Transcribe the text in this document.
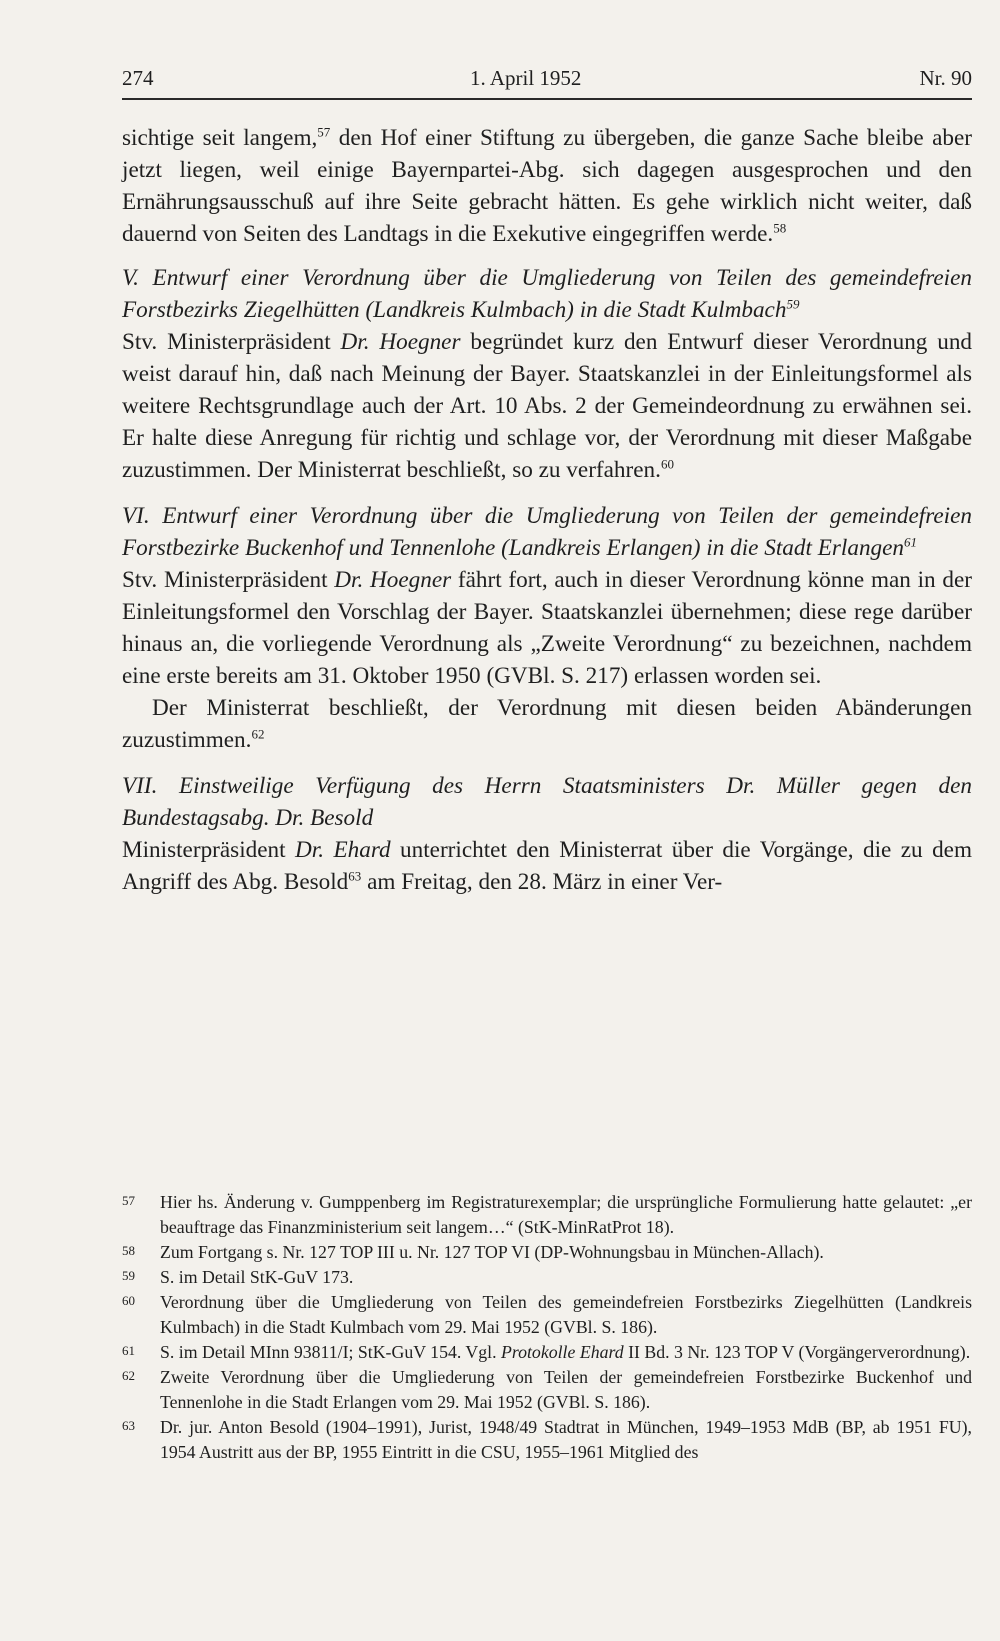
274	1. April 1952	Nr. 90

sichtige seit langem,$^{57}$ den Hof einer Stiftung zu übergeben, die ganze Sache bleibe aber jetzt liegen, weil einige Bayernpartei-Abg. sich dagegen ausgesprochen und den Ernährungsausschuß auf ihre Seite gebracht hätten. Es gehe wirklich nicht weiter, daß dauernd von Seiten des Landtags in die Exekutive eingegriffen werde.$^{58}$

V. Entwurf einer Verordnung über die Umgliederung von Teilen des gemeindefreien Forstbezirks Ziegelhütten (Landkreis Kulmbach) in die Stadt Kulmbach$^{59}$

Stv. Ministerpräsident Dr. Hoegner begründet kurz den Entwurf dieser Verordnung und weist darauf hin, daß nach Meinung der Bayer. Staatskanzlei in der Einleitungsformel als weitere Rechtsgrundlage auch der Art. 10 Abs. 2 der Gemeindeordnung zu erwähnen sei. Er halte diese Anregung für richtig und schlage vor, der Verordnung mit dieser Maßgabe zuzustimmen. Der Ministerrat beschließt, so zu verfahren.$^{60}$

VI. Entwurf einer Verordnung über die Umgliederung von Teilen der gemeindefreien Forstbezirke Buckenhof und Tennenlohe (Landkreis Erlangen) in die Stadt Erlangen$^{61}$

Stv. Ministerpräsident Dr. Hoegner fährt fort, auch in dieser Verordnung könne man in der Einleitungsformel den Vorschlag der Bayer. Staatskanzlei übernehmen; diese rege darüber hinaus an, die vorliegende Verordnung als „Zweite Verordnung“ zu bezeichnen, nachdem eine erste bereits am 31. Oktober 1950 (GVBl. S. 217) erlassen worden sei.

Der Ministerrat beschließt, der Verordnung mit diesen beiden Abänderungen zuzustimmen.$^{62}$

VII. Einstweilige Verfügung des Herrn Staatsministers Dr. Müller gegen den Bundestagsabg. Dr. Besold

Ministerpräsident Dr. Ehard unterrichtet den Ministerrat über die Vorgänge, die zu dem Angriff des Abg. Besold$^{63}$ am Freitag, den 28. März in einer Ver-

57	Hier hs. Änderung v. Gumppenberg im Registraturexemplar; die ursprüngliche Formulierung hatte gelautet: „er beauftrage das Finanzministerium seit langem…“ (StK-MinRatProt 18).
58	Zum Fortgang s. Nr. 127 TOP III u. Nr. 127 TOP VI (DP-Wohnungsbau in München-Allach).
59	S. im Detail StK-GuV 173.
60	Verordnung über die Umgliederung von Teilen des gemeindefreien Forstbezirks Ziegelhütten (Landkreis Kulmbach) in die Stadt Kulmbach vom 29. Mai 1952 (GVBl. S. 186).
61	S. im Detail MInn 93811/I; StK-GuV 154. Vgl. Protokolle Ehard II Bd. 3 Nr. 123 TOP V (Vorgängerverordnung).
62	Zweite Verordnung über die Umgliederung von Teilen der gemeindefreien Forstbezirke Buckenhof und Tennenlohe in die Stadt Erlangen vom 29. Mai 1952 (GVBl. S. 186).
63	Dr. jur. Anton Besold (1904–1991), Jurist, 1948/49 Stadtrat in München, 1949–1953 MdB (BP, ab 1951 FU), 1954 Austritt aus der BP, 1955 Eintritt in die CSU, 1955–1961 Mitglied des
